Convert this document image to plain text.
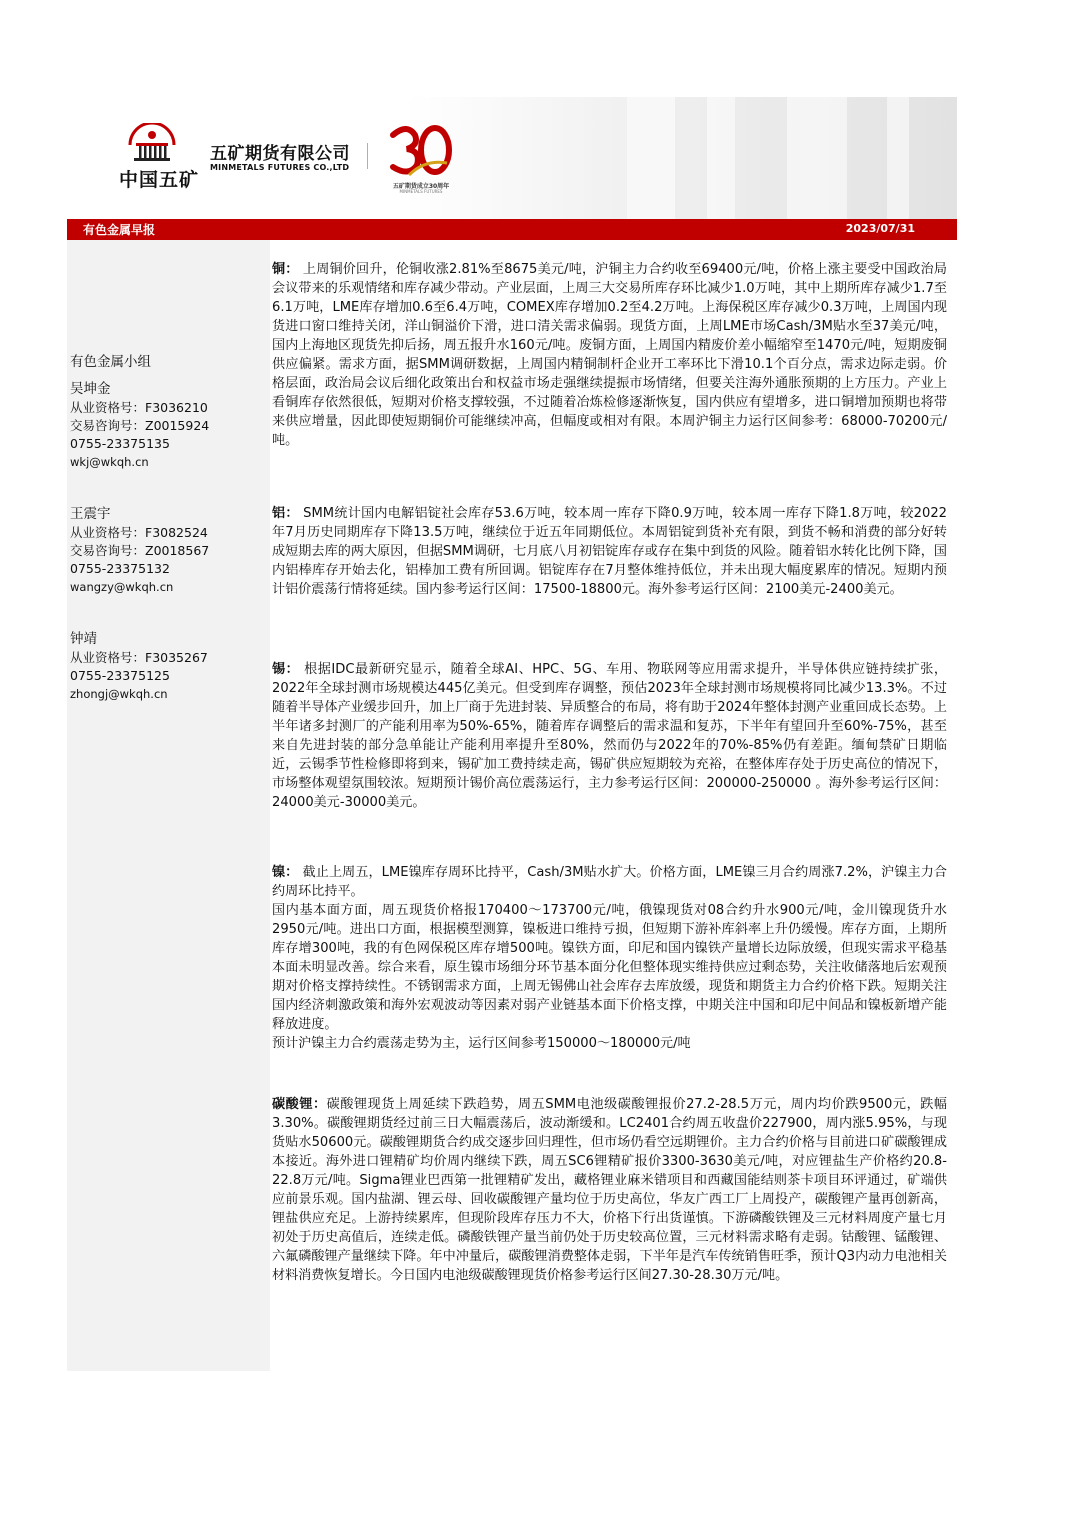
中国五矿
五矿期货有限公司
MINMETALS FUTURES CO.,LTD
五矿期货成立30周年
MINMETALS FUTURES
有色金属早报	2023/07/31
有色金属小组
吴坤金
从业资格号：F3036210
交易咨询号：Z0015924
0755-23375135
wkj@wkqh.cn
王震宇
从业资格号：F3082524
交易咨询号：Z0018567
0755-23375132
wangzy@wkqh.cn
钟靖
从业资格号：F3035267
0755-23375125
zhongj@wkqh.cn

铜： 上周铜价回升，伦铜收涨2.81%至8675美元/吨，沪铜主力合约收至69400元/吨，价格上涨主要受中国政治局会议带来的乐观情绪和库存减少带动。产业层面，上周三大交易所库存环比减少1.0万吨，其中上期所库存减少1.7至6.1万吨，LME库存增加0.6至6.4万吨，COMEX库存增加0.2至4.2万吨。上海保税区库存减少0.3万吨，上周国内现货进口窗口维持关闭，洋山铜溢价下滑，进口清关需求偏弱。现货方面，上周LME市场Cash/3M贴水至37美元/吨，国内上海地区现货先抑后扬，周五报升水160元/吨。废铜方面，上周国内精废价差小幅缩窄至1470元/吨，短期废铜供应偏紧。需求方面，据SMM调研数据，上周国内精铜制杆企业开工率环比下滑10.1个百分点，需求边际走弱。价格层面，政治局会议后细化政策出台和权益市场走强继续提振市场情绪，但要关注海外通胀预期的上方压力。产业上看铜库存依然很低，短期对价格支撑较强，不过随着冶炼检修逐渐恢复，国内供应有望增多，进口铜增加预期也将带来供应增量，因此即使短期铜价可能继续冲高，但幅度或相对有限。本周沪铜主力运行区间参考：68000-70200元/吨。

铝： SMM统计国内电解铝锭社会库存53.6万吨，较本周一库存下降0.9万吨，较本周一库存下降1.8万吨，较2022年7月历史同期库存下降13.5万吨，继续位于近五年同期低位。本周铝锭到货补充有限，到货不畅和消费的部分好转成短期去库的两大原因，但据SMM调研，七月底八月初铝锭库存或存在集中到货的风险。随着铝水转化比例下降，国内铝棒库存开始去化，铝棒加工费有所回调。铝锭库存在7月整体维持低位，并未出现大幅度累库的情况。短期内预计铝价震荡行情将延续。国内参考运行区间：17500-18800元。海外参考运行区间：2100美元-2400美元。

锡： 根据IDC最新研究显示，随着全球AI、HPC、5G、车用、物联网等应用需求提升，半导体供应链持续扩张，2022年全球封测市场规模达445亿美元。但受到库存调整，预估2023年全球封测市场规模将同比减少13.3%。不过随着半导体产业缓步回升，加上厂商于先进封装、异质整合的布局，将有助于2024年整体封测产业重回成长态势。上半年诸多封测厂的产能利用率为50%-65%，随着库存调整后的需求温和复苏，下半年有望回升至60%-75%，甚至来自先进封装的部分急单能让产能利用率提升至80%，然而仍与2022年的70%-85%仍有差距。缅甸禁矿日期临近，云锡季节性检修即将到来，锡矿加工费持续走高，锡矿供应短期较为充裕，在整体库存处于历史高位的情况下，市场整体观望氛围较浓。短期预计锡价高位震荡运行，主力参考运行区间：200000-250000 。海外参考运行区间：24000美元-30000美元。

镍： 截止上周五，LME镍库存周环比持平，Cash/3M贴水扩大。价格方面，LME镍三月合约周涨7.2%，沪镍主力合约周环比持平。

国内基本面方面，周五现货价格报170400～173700元/吨，俄镍现货对08合约升水900元/吨，金川镍现货升水2950元/吨。进出口方面，根据模型测算，镍板进口维持亏损，但短期下游补库斜率上升仍缓慢。库存方面，上期所库存增300吨，我的有色网保税区库存增500吨。镍铁方面，印尼和国内镍铁产量增长边际放缓，但现实需求平稳基本面未明显改善。综合来看，原生镍市场细分环节基本面分化但整体现实维持供应过剩态势，关注收储落地后宏观预期对价格支撑持续性。不锈钢需求方面，上周无锡佛山社会库存去库放缓，现货和期货主力合约价格下跌。短期关注国内经济刺激政策和海外宏观波动等因素对弱产业链基本面下价格支撑，中期关注中国和印尼中间品和镍板新增产能释放进度。

预计沪镍主力合约震荡走势为主，运行区间参考150000～180000元/吨

碳酸锂：碳酸锂现货上周延续下跌趋势，周五SMM电池级碳酸锂报价27.2-28.5万元，周内均价跌9500元，跌幅3.30%。碳酸锂期货经过前三日大幅震荡后，波动渐缓和。LC2401合约周五收盘价227900，周内涨5.95%，与现货贴水50600元。碳酸锂期货合约成交逐步回归理性，但市场仍看空远期锂价。主力合约价格与目前进口矿碳酸锂成本接近。海外进口锂精矿均价周内继续下跌，周五SC6锂精矿报价3300-3630美元/吨，对应锂盐生产价格约20.8-22.8万元/吨。Sigma锂业巴西第一批锂精矿发出，藏格锂业麻米错项目和西藏国能结则茶卡项目环评通过，矿端供应前景乐观。国内盐湖、锂云母、回收碳酸锂产量均位于历史高位，华友广西工厂上周投产，碳酸锂产量再创新高，锂盐供应充足。上游持续累库，但现阶段库存压力不大，价格下行出货谨慎。下游磷酸铁锂及三元材料周度产量七月初处于历史高值后，连续走低。磷酸铁锂产量当前仍处于历史较高位置，三元材料需求略有走弱。钴酸锂、锰酸锂、六氟磷酸锂产量继续下降。年中冲量后，碳酸锂消费整体走弱，下半年是汽车传统销售旺季，预计Q3内动力电池相关材料消费恢复增长。今日国内电池级碳酸锂现货价格参考运行区间27.30-28.30万元/吨。
